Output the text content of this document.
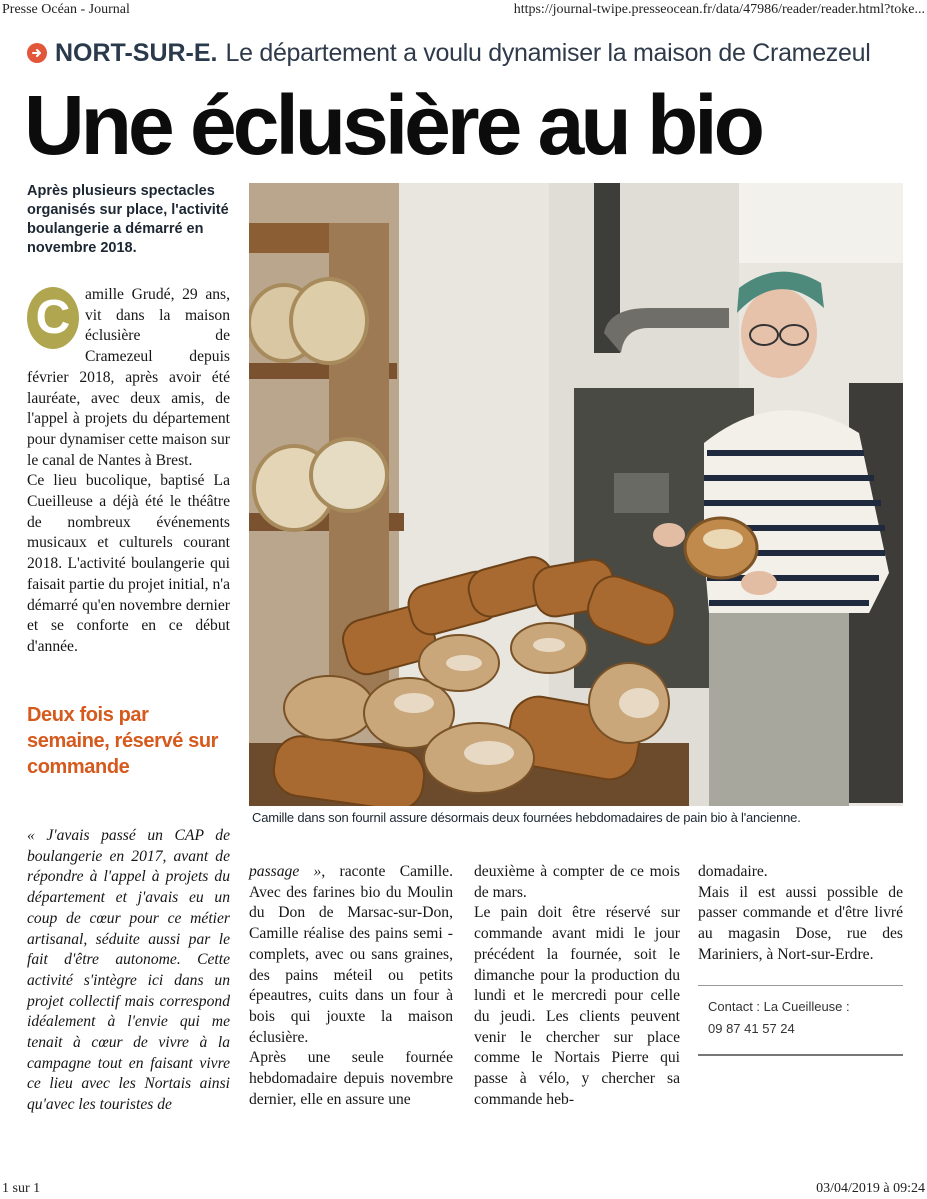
Presse Océan - Journal	https://journal-twipe.presseocean.fr/data/47986/reader/reader.html?toke...
NORT-SUR-E. Le département a voulu dynamiser la maison de Cramezeul
Une éclusière au bio
Après plusieurs spectacles organisés sur place, l'activité boulangerie a démarré en novembre 2018.
C amille Grudé, 29 ans, vit dans la maison éclusière de Cramezeul depuis février 2018, après avoir été lauréate, avec deux amis, de l'appel à projets du département pour dynamiser cette maison sur le canal de Nantes à Brest.

Ce lieu bucolique, baptisé La Cueilleuse a déjà été le théâtre de nombreux événements musicaux et culturels courant 2018. L'activité boulangerie qui faisait partie du projet initial, n'a démarré qu'en novembre dernier et se conforte en ce début d'année.

Deux fois par semaine, réservé sur commande
Camille dans son fournil assure désormais deux fournées hebdomadaires de pain bio à l'ancienne.
« J'avais passé un CAP de boulangerie en 2017, avant de répondre à l'appel à projets du département et j'avais eu un coup de cœur pour ce métier artisanal, séduite aussi par le fait d'être autonome. Cette activité s'intègre ici dans un projet collectif mais correspond idéalement à l'envie qui me tenait à cœur de vivre à la campagne tout en faisant vivre ce lieu avec les Nortais ainsi qu'avec les touristes de

passage », raconte Camille. Avec des farines bio du Moulin du Don de Marsac-sur-Don, Camille réalise des pains semi -complets, avec ou sans graines, des pains méteil ou petits épeautres, cuits dans un four à bois qui jouxte la maison éclusière.

Après une seule fournée hebdomadaire depuis novembre dernier, elle en assure une

deuxième à compter de ce mois de mars.

Le pain doit être réservé sur commande avant midi le jour précédent la fournée, soit le dimanche pour la production du lundi et le mercredi pour celle du jeudi. Les clients peuvent venir le chercher sur place comme le Nortais Pierre qui passe à vélo, y chercher sa commande heb-

domadaire.

Mais il est aussi possible de passer commande et d'être livré au magasin Dose, rue des Mariniers, à Nort-sur-Erdre.

Contact : La Cueilleuse :
09 87 41 57 24
1 sur 1	03/04/2019 à 09:24
